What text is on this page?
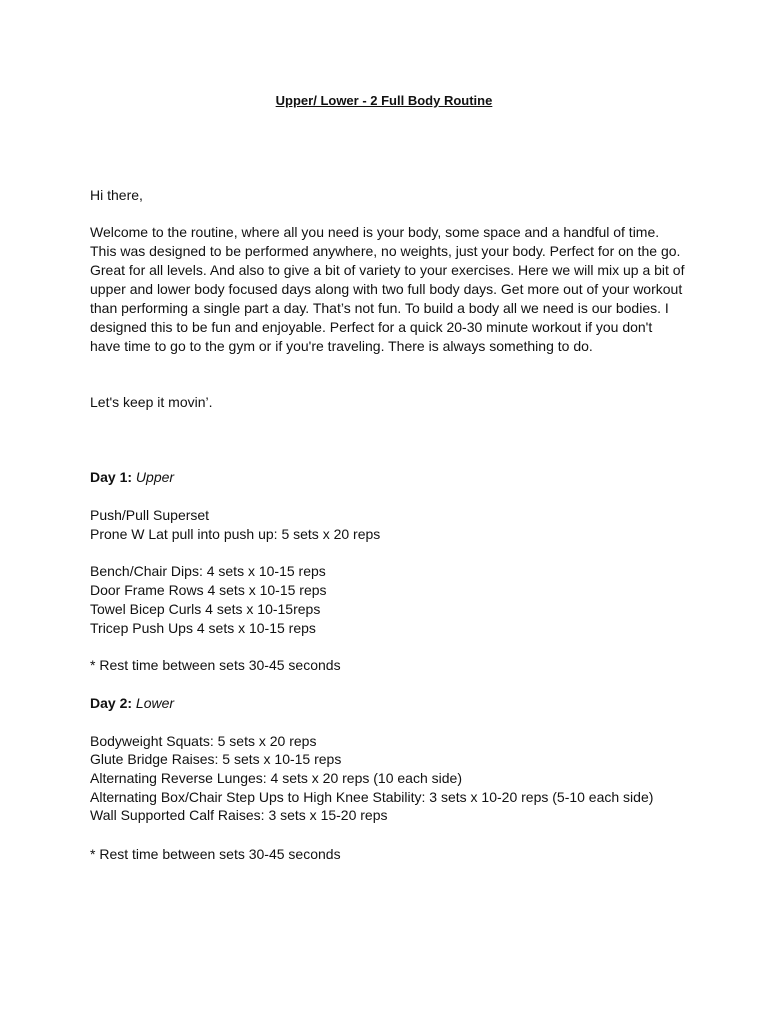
Upper/ Lower - 2 Full Body Routine
Hi there,
Welcome to the routine, where all you need is your body, some space and a handful of time.
This was designed to be performed anywhere, no weights, just your body. Perfect for on the go.
Great for all levels. And also to give a bit of variety to your exercises. Here we will mix up a bit of
upper and lower body focused days along with two full body days. Get more out of your workout
than performing a single part a day. That’s not fun. To build a body all we need is our bodies. I
designed this to be fun and enjoyable. Perfect for a quick 20-30 minute workout if you don't
have time to go to the gym or if you're traveling. There is always something to do.
Let's keep it movin’.
Day 1: Upper
Push/Pull Superset
Prone W Lat pull into push up: 5 sets x 20 reps
Bench/Chair Dips: 4 sets x 10-15 reps
Door Frame Rows 4 sets x 10-15 reps
Towel Bicep Curls 4 sets x 10-15reps
Tricep Push Ups 4 sets x 10-15 reps
* Rest time between sets 30-45 seconds
Day 2: Lower
Bodyweight Squats: 5 sets x 20 reps
Glute Bridge Raises: 5 sets x 10-15 reps
Alternating Reverse Lunges: 4 sets x 20 reps (10 each side)
Alternating Box/Chair Step Ups to High Knee Stability: 3 sets x 10-20 reps (5-10 each side)
Wall Supported Calf Raises: 3 sets x 15-20 reps
* Rest time between sets 30-45 seconds
